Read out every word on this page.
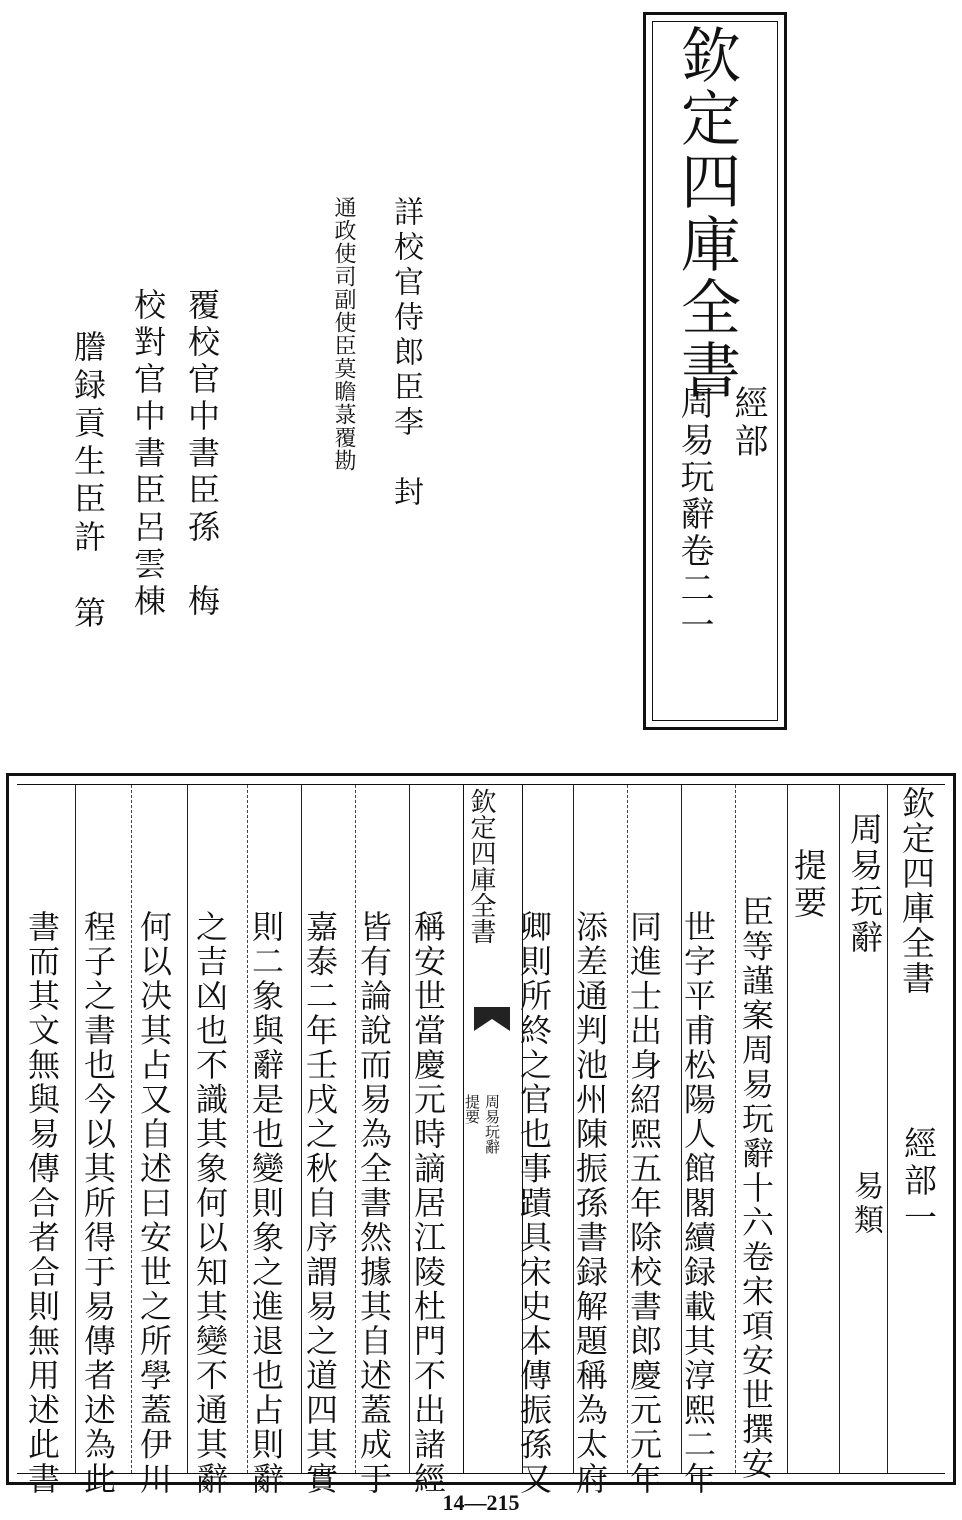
欽定四庫全書
經部
周易玩辭卷二一
詳校官侍郎臣李　封
通政使司副使臣莫瞻菉覆勘
覆校官中書臣孫　梅
校對官中書臣呂雲棟
謄録貢生臣許　第
欽定四庫全書
經部一
周易玩辭
易類
提要
欽定四庫全書
周易玩辭
提要	臣等謹案周易玩辭十六卷宋項安世撰安
世字平甫松陽人館閣續録載其淳熙二年
同進士出身紹熙五年除校書郎慶元元年
添差通判池州陳振孫書録解題稱為太府
卿則所終之官也事蹟具宋史本傳振孫又
稱安世當慶元時謫居江陵杜門不出諸經
皆有論說而易為全書然據其自述蓋成于
嘉泰二年壬戌之秋自序謂易之道四其實
則二象與辭是也變則象之進退也占則辭
之吉凶也不識其象何以知其變不通其辭
何以决其占又自述曰安世之所學蓋伊川
程子之書也今以其所得于易傳者述為此
書而其文無與易傳合者合則無用述此書
14—215
